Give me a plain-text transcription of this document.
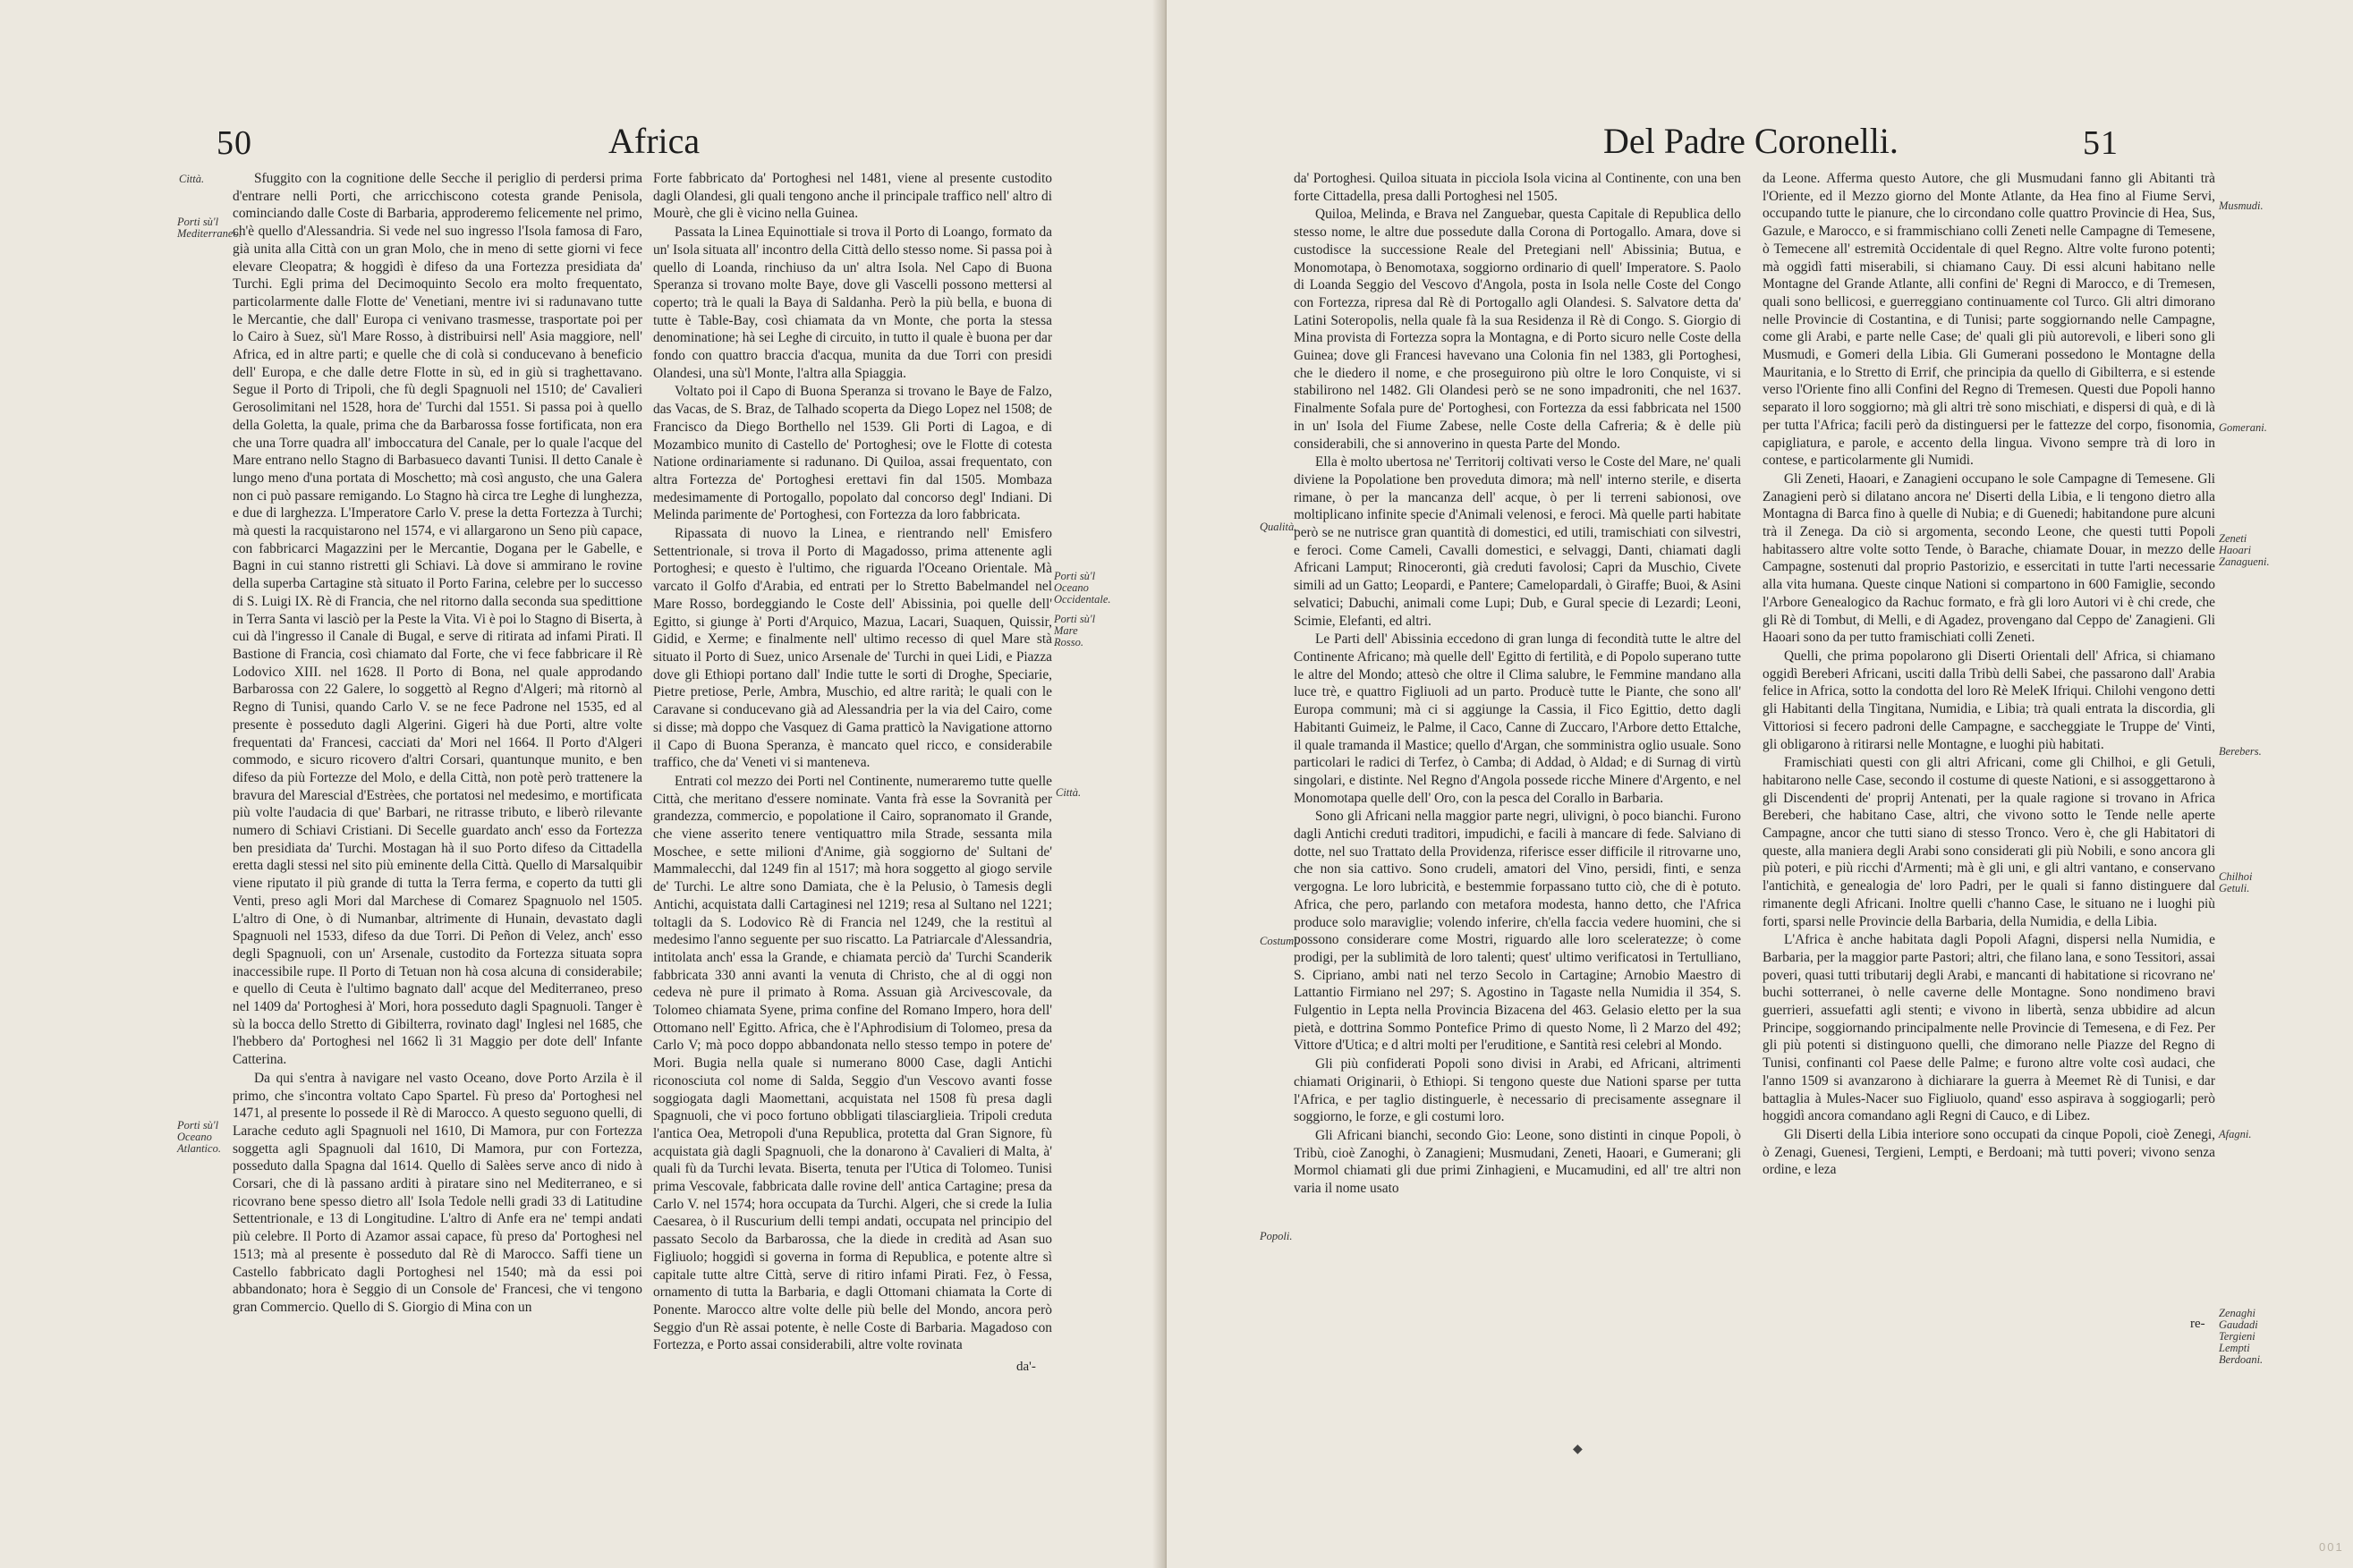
50	Africa
Città.
Porti sù'l Mediterraneo.
Porti sù'l Oceano Atlantico.
Porti sù'l Oceano Occidentale.
Porti sù'l Mare Rosso.
Città.

Sfuggito con la cognitione delle Secche il periglio di perdersi prima d'entrare nelli Porti, che arricchiscono cotesta grande Penisola, cominciando dalle Coste di Barbaria, approderemo felicemente nel primo, ch'è quello d'Alessandria. Si vede nel suo ingresso l'Isola famosa di Faro, già unita alla Città con un gran Molo, che in meno di sette giorni vi fece elevare Cleopatra; & hoggidì è difeso da una Fortezza presidiata da' Turchi. Egli prima del Decimoquinto Secolo era molto frequentato, particolarmente dalle Flotte de' Venetiani, mentre ivi si radunavano tutte le Mercantie, che dall' Europa ci venivano trasmesse, trasportate poi per lo Cairo à Suez, sù'l Mare Rosso, à distribuirsi nell' Asia maggiore, nell' Africa, ed in altre parti; e quelle che di colà si conducevano à beneficio dell' Europa, e che dalle detre Flotte in sù, ed in giù si traghettavano. Segue il Porto di Tripoli, che fù degli Spagnuoli nel 1510; de' Cavalieri Gerosolimitani nel 1528, hora de' Turchi dal 1551. Si passa poi à quello della Goletta, la quale, prima che da Barbarossa fosse fortificata, non era che una Torre quadra all' imboccatura del Canale, per lo quale l'acque del Mare entrano nello Stagno di Barbasueco davanti Tunisi. Il detto Canale è lungo meno d'una portata di Moschetto; mà così angusto, che una Galera non ci può passare remigando. Lo Stagno hà circa tre Leghe di lunghezza, e due di larghezza. L'Imperatore Carlo V. prese la detta Fortezza à Turchi; mà questi la racquistarono nel 1574, e vi allargarono un Seno più capace, con fabbricarci Magazzini per le Mercantie, Dogana per le Gabelle, e Bagni in cui stanno ristretti gli Schiavi. Là dove si ammirano le rovine della superba Cartagine stà situato il Porto Farina, celebre per lo successo di S. Luigi IX. Rè di Francia, che nel ritorno dalla seconda sua spedittione in Terra Santa vi lasciò per la Peste la Vita. Vi è poi lo Stagno di Biserta, à cui dà l'ingresso il Canale di Bugal, e serve di ritirata ad infami Pirati. Il Bastione di Francia, così chiamato dal Forte, che vi fece fabbricare il Rè Lodovico XIII. nel 1628. Il Porto di Bona, nel quale approdando Barbarossa con 22 Galere, lo soggettò al Regno d'Algeri; mà ritornò al Regno di Tunisi, quando Carlo V. se ne fece Padrone nel 1535, ed al presente è posseduto dagli Algerini. Gigeri hà due Porti, altre volte frequentati da' Francesi, cacciati da' Mori nel 1664. Il Porto d'Algeri commodo, e sicuro ricovero d'altri Corsari, quantunque munito, e ben difeso da più Fortezze del Molo, e della Città, non potè però trattenere la bravura del Marescial d'Estrèes, che portatosi nel medesimo, e mortificata più volte l'audacia di que' Barbari, ne ritrasse tributo, e liberò rilevante numero di Schiavi Cristiani. Di Secelle guardato anch' esso da Fortezza ben presidiata da' Turchi. Mostagan hà il suo Porto difeso da Cittadella eretta dagli stessi nel sito più eminente della Città. Quello di Marsalquibir viene riputato il più grande di tutta la Terra ferma, e coperto da tutti gli Venti, preso agli Mori dal Marchese di Comarez Spagnuolo nel 1505. L'altro di One, ò di Numanbar, altrimente di Hunain, devastato dagli Spagnuoli nel 1533, difeso da due Torri. Di Peñon di Velez, anch' esso degli Spagnuoli, con un' Arsenale, custodito da Fortezza situata sopra inaccessibile rupe. Il Porto di Tetuan non hà cosa alcuna di considerabile; e quello di Ceuta è l'ultimo bagnato dall' acque del Mediterraneo, preso nel 1409 da' Portoghesi à' Mori, hora posseduto dagli Spagnuoli. Tanger è sù la bocca dello Stretto di Gibilterra, rovinato dagl' Inglesi nel 1685, che l'hebbero da' Portoghesi nel 1662 lì 31 Maggio per dote dell' Infante Catterina.

Da qui s'entra à navigare nel vasto Oceano, dove Porto Arzila è il primo, che s'incontra voltato Capo Spartel. Fù preso da' Portoghesi nel 1471, al presente lo possede il Rè di Marocco. A questo seguono quelli, di Larache ceduto agli Spagnuoli nel 1610, Di Mamora, pur con Fortezza soggetta agli Spagnuoli dal 1610, Di Mamora, pur con Fortezza, posseduto dalla Spagna dal 1614. Quello di Salèes serve anco di nido à Corsari, che di là passano arditi à piratare sino nel Mediterraneo, e si ricovrano bene spesso dietro all' Isola Tedole nelli gradi 33 di Latitudine Settentrionale, e 13 di Longitudine. L'altro di Anfe era ne' tempi andati più celebre. Il Porto di Azamor assai capace, fù preso da' Portoghesi nel 1513; mà al presente è posseduto dal Rè di Marocco. Saffi tiene un Castello fabbricato dagli Portoghesi nel 1540; mà da essi poi abbandonato; hora è Seggio di un Console de' Francesi, che vi tengono gran Commercio. Quello di S. Giorgio di Mina con un

Forte fabbricato da' Portoghesi nel 1481, viene al presente custodito dagli Olandesi, gli quali tengono anche il principale traffico nell' altro di Mourè, che gli è vicino nella Guinea.

Passata la Linea Equinottiale si trova il Porto di Loango, formato da un' Isola situata all' incontro della Città dello stesso nome. Si passa poi à quello di Loanda, rinchiuso da un' altra Isola. Nel Capo di Buona Speranza si trovano molte Baye, dove gli Vascelli possono mettersi al coperto; trà le quali la Baya di Saldanha. Però la più bella, e buona di tutte è Table-Bay, così chiamata da vn Monte, che porta la stessa denominatione; hà sei Leghe di circuito, in tutto il quale è buona per dar fondo con quattro braccia d'acqua, munita da due Torri con presidi Olandesi, una sù'l Monte, l'altra alla Spiaggia.

Voltato poi il Capo di Buona Speranza si trovano le Baye de Falzo, das Vacas, de S. Braz, de Talhado scoperta da Diego Lopez nel 1508; de Francisco da Diego Borthello nel 1539. Gli Porti di Lagoa, e di Mozambico munito di Castello de' Portoghesi; ove le Flotte di cotesta Natione ordinariamente si radunano. Di Quiloa, assai frequentato, con altra Fortezza de' Portoghesi erettavi fin dal 1505. Mombaza medesimamente di Portogallo, popolato dal concorso degl' Indiani. Di Melinda parimente de' Portoghesi, con Fortezza da loro fabbricata.

Ripassata di nuovo la Linea, e rientrando nell' Emisfero Settentrionale, si trova il Porto di Magadosso, prima attenente agli Portoghesi; e questo è l'ultimo, che riguarda l'Oceano Orientale. Mà varcato il Golfo d'Arabia, ed entrati per lo Stretto Babelmandel nel Mare Rosso, bordeggiando le Coste dell' Abissinia, poi quelle dell' Egitto, si giunge à' Porti d'Arquico, Mazua, Lacari, Suaquen, Quissir, Gidid, e Xerme; e finalmente nell' ultimo recesso di quel Mare stà situato il Porto di Suez, unico Arsenale de' Turchi in quei Lidi, e Piazza dove gli Ethiopi portano dall' Indie tutte le sorti di Droghe, Speciarie, Pietre pretiose, Perle, Ambra, Muschio, ed altre rarità; le quali con le Caravane si conducevano già ad Alessandria per la via del Cairo, come si disse; mà doppo che Vasquez di Gama pratticò la Navigatione attorno il Capo di Buona Speranza, è mancato quel ricco, e considerabile traffico, che da' Veneti vi si manteneva.

Entrati col mezzo dei Porti nel Continente, numeraremo tutte quelle Città, che meritano d'essere nominate. Vanta frà esse la Sovranità per grandezza, commercio, e popolatione il Cairo, sopranomato il Grande, che viene asserito tenere ventiquattro mila Strade, sessanta mila Moschee, e sette milioni d'Anime, già soggiorno de' Sultani de' Mammalecchi, dal 1249 fin al 1517; mà hora soggetto al giogo servile de' Turchi. Le altre sono Damiata, che è la Pelusio, ò Tamesis degli Antichi, acquistata dalli Cartaginesi nel 1219; resa al Sultano nel 1221; toltagli da S. Lodovico Rè di Francia nel 1249, che la restituì al medesimo l'anno seguente per suo riscatto. La Patriarcale d'Alessandria, intitolata anch' essa la Grande, e chiamata perciò da' Turchi Scanderik fabbricata 330 anni avanti la venuta di Christo, che al di oggi non cedeva nè pure il primato à Roma. Assuan già Arcivescovale, da Tolomeo chiamata Syene, prima confine del Romano Impero, hora dell' Ottomano nell' Egitto. Africa, che è l'Aphrodisium di Tolomeo, presa da Carlo V; mà poco doppo abbandonata nello stesso tempo in potere de' Mori. Bugia nella quale si numerano 8000 Case, dagli Antichi riconosciuta col nome di Salda, Seggio d'un Vescovo avanti fosse soggiogata dagli Maomettani, acquistata nel 1508 fù presa dagli Spagnuoli, che vi poco fortuno obbligati tilasciarglieia. Tripoli creduta l'antica Oea, Metropoli d'una Republica, protetta dal Gran Signore, fù acquistata già dagli Spagnuoli, che la donarono à' Cavalieri di Malta, à' quali fù da Turchi levata. Biserta, tenuta per l'Utica di Tolomeo. Tunisi prima Vescovale, fabbricata dalle rovine dell' antica Cartagine; presa da Carlo V. nel 1574; hora occupata da Turchi. Algeri, che si crede la Iulia Caesarea, ò il Ruscurium delli tempi andati, occupata nel principio del passato Secolo da Barbarossa, che la diede in credità ad Asan suo Figliuolo; hoggidì si governa in forma di Republica, e potente altre sì capitale tutte altre Città, serve di ritiro infami Pirati. Fez, ò Fessa, ornamento di tutta la Barbaria, e dagli Ottomani chiamata la Corte di Ponente. Marocco altre volte delle più belle del Mondo, ancora però Seggio d'un Rè assai potente, è nelle Coste di Barbaria. Magadoso con Fortezza, e Porto assai considerabili, altre volte rovinata

da'-
Del Padre Coronelli.	51
Qualità.
Costumi.
Popoli.
Musmudi.
Gomerani.
Zeneti Haoari Zanagueni.
Berebers.
Chilhoi Getuli.
Afagni.
Zenaghi Gaudadi Tergieni Lempti Berdoani.

da' Portoghesi. Quiloa situata in picciola Isola vicina al Continente, con una ben forte Cittadella, presa dalli Portoghesi nel 1505.

Quiloa, Melinda, e Brava nel Zanguebar, questa Capitale di Republica dello stesso nome, le altre due possedute dalla Corona di Portogallo. Amara, dove si custodisce la successione Reale del Pretegiani nell' Abissinia; Butua, e Monomotapa, ò Benomotaxa, soggiorno ordinario di quell' Imperatore. S. Paolo di Loanda Seggio del Vescovo d'Angola, posta in Isola nelle Coste del Congo con Fortezza, ripresa dal Rè di Portogallo agli Olandesi. S. Salvatore detta da' Latini Soteropolis, nella quale fà la sua Residenza il Rè di Congo. S. Giorgio di Mina provista di Fortezza sopra la Montagna, e di Porto sicuro nelle Coste della Guinea; dove gli Francesi havevano una Colonia fin nel 1383, gli Portoghesi, che le diedero il nome, e che proseguirono più oltre le loro Conquiste, vi si stabilirono nel 1482. Gli Olandesi però se ne sono impadroniti, che nel 1637. Finalmente Sofala pure de' Portoghesi, con Fortezza da essi fabbricata nel 1500 in un' Isola del Fiume Zabese, nelle Coste della Cafreria; & è delle più considerabili, che si annoverino in questa Parte del Mondo.

Ella è molto ubertosa ne' Territorij coltivati verso le Coste del Mare, ne' quali diviene la Popolatione ben proveduta dimora; mà nell' interno sterile, e diserta rimane, ò per la mancanza dell' acque, ò per li terreni sabionosi, ove moltiplicano infinite specie d'Animali velenosi, e feroci. Mà quelle parti habitate però se ne nutrisce gran quantità di domestici, ed utili, tramischiati con silvestri, e feroci. Come Cameli, Cavalli domestici, e selvaggi, Danti, chiamati dagli Africani Lamput; Rinoceronti, già creduti favolosi; Capri da Muschio, Civete simili ad un Gatto; Leopardi, e Pantere; Camelopardali, ò Giraffe; Buoi, & Asini selvatici; Dabuchi, animali come Lupi; Dub, e Gural specie di Lezardi; Leoni, Scimie, Elefanti, ed altri.

Le Parti dell' Abissinia eccedono di gran lunga di fecondità tutte le altre del Continente Africano; mà quelle dell' Egitto di fertilità, e di Popolo superano tutte le altre del Mondo; attesò che oltre il Clima salubre, le Femmine mandano alla luce trè, e quattro Figliuoli ad un parto. Producè tutte le Piante, che sono all' Europa communi; mà ci si aggiunge la Cassia, il Fico Egittio, detto dagli Habitanti Guimeiz, le Palme, il Caco, Canne di Zuccaro, l'Arbore detto Ettalche, il quale tramanda il Mastice; quello d'Argan, che somministra oglio usuale. Sono particolari le radici di Terfez, ò Camba; di Addad, ò Aldad; e di Surnag di virtù singolari, e distinte. Nel Regno d'Angola possede ricche Minere d'Argento, e nel Monomotapa quelle dell' Oro, con la pesca del Corallo in Barbaria.

Sono gli Africani nella maggior parte negri, ulivigni, ò poco bianchi. Furono dagli Antichi creduti traditori, impudichi, e facili à mancare di fede. Salviano di dotte, nel suo Trattato della Providenza, riferisce esser difficile il ritrovarne uno, che non sia cattivo. Sono crudeli, amatori del Vino, persidi, finti, e senza vergogna. Le loro lubricità, e bestemmie forpassano tutto ciò, che di è potuto. Africa, che pero, parlando con metafora modesta, hanno detto, che l'Africa produce solo maraviglie; volendo inferire, ch'ella faccia vedere huomini, che si possono considerare come Mostri, riguardo alle loro sceleratezze; ò come prodigi, per la sublimità de loro talenti; quest' ultimo verificatosi in Tertulliano, S. Cipriano, ambi nati nel terzo Secolo in Cartagine; Arnobio Maestro di Lattantio Firmiano nel 297; S. Agostino in Tagaste nella Numidia il 354, S. Fulgentio in Lepta nella Provincia Bizacena del 463. Gelasio eletto per la sua pietà, e dottrina Sommo Pontefice Primo di questo Nome, lì 2 Marzo del 492; Vittore d'Utica; e d altri molti per l'eruditione, e Santità resi celebri al Mondo.

Gli più confiderati Popoli sono divisi in Arabi, ed Africani, altrimenti chiamati Originarii, ò Ethiopi. Si tengono queste due Nationi sparse per tutta l'Africa, e per taglio distinguerle, è necessario di precisamente assegnare il soggiorno, le forze, e gli costumi loro.

Gli Africani bianchi, secondo Gio: Leone, sono distinti in cinque Popoli, ò Tribù, cioè Zanoghi, ò Zanagieni; Musmudani, Zeneti, Haoari, e Gumerani; gli Mormol chiamati gli due primi Zinhagieni, e Mucamudini, ed all' tre altri non varia il nome usato

da Leone. Afferma questo Autore, che gli Musmudani fanno gli Abitanti trà l'Oriente, ed il Mezzo giorno del Monte Atlante, da Hea fino al Fiume Servi, occupando tutte le pianure, che lo circondano colle quattro Provincie di Hea, Sus, Gazule, e Marocco, e si frammischiano colli Zeneti nelle Campagne di Temesene, ò Temecene all' estremità Occidentale di quel Regno. Altre volte furono potenti; mà oggidì fatti miserabili, si chiamano Cauy. Di essi alcuni habitano nelle Montagne del Grande Atlante, alli confini de' Regni di Marocco, e di Tremesen, quali sono bellicosi, e guerreggiano continuamente col Turco. Gli altri dimorano nelle Provincie di Costantina, e di Tunisi; parte soggiornando nelle Campagne, come gli Arabi, e parte nelle Case; de' quali gli più autorevoli, e liberi sono gli Musmudi, e Gomeri della Libia. Gli Gumerani possedono le Montagne della Mauritania, e lo Stretto di Errif, che principia da quello di Gibilterra, e si estende verso l'Oriente fino alli Confini del Regno di Tremesen. Questi due Popoli hanno separato il loro soggiorno; mà gli altri trè sono mischiati, e dispersi di quà, e di là per tutta l'Africa; facili però da distinguersi per le fattezze del corpo, fisonomia, capigliatura, e parole, e accento della lingua. Vivono sempre trà di loro in contese, e particolarmente gli Numidi.

Gli Zeneti, Haoari, e Zanagieni occupano le sole Campagne di Temesene. Gli Zanagieni però si dilatano ancora ne' Diserti della Libia, e li tengono dietro alla Montagna di Barca fino à quelle di Nubia; e di Guenedi; habitandone pure alcuni trà il Zenega. Da ciò si argomenta, secondo Leone, che questi tutti Popoli habitassero altre volte sotto Tende, ò Barache, chiamate Douar, in mezzo delle Campagne, sostenuti dal proprio Pastorizio, e essercitati in tutte l'arti necessarie alla vita humana. Queste cinque Nationi si compartono in 600 Famiglie, secondo l'Arbore Genealogico da Rachuc formato, e frà gli loro Autori vi è chi crede, che gli Rè di Tombut, di Melli, e di Agadez, provengano dal Ceppo de' Zanagieni. Gli Haoari sono da per tutto framischiati colli Zeneti.

Quelli, che prima popolarono gli Diserti Orientali dell' Africa, si chiamano oggidì Bereberi Africani, usciti dalla Tribù delli Sabei, che passarono dall' Arabia felice in Africa, sotto la condotta del loro Rè MeleK Ifriqui. Chilohi vengono detti gli Habitanti della Tingitana, Numidia, e Libia; trà quali entrata la discordia, gli Vittoriosi si fecero padroni delle Campagne, e saccheggiate le Truppe de' Vinti, gli obligarono à ritirarsi nelle Montagne, e luoghi più habitati.

Framischiati questi con gli altri Africani, come gli Chilhoi, e gli Getuli, habitarono nelle Case, secondo il costume di queste Nationi, e si assoggettarono à gli Discendenti de' proprij Antenati, per la quale ragione si trovano in Africa Bereberi, che habitano Case, altri, che vivono sotto le Tende nelle aperte Campagne, ancor che tutti siano di stesso Tronco. Vero è, che gli Habitatori di queste, alla maniera degli Arabi sono considerati gli più Nobili, e sono ancora gli più poteri, e più ricchi d'Armenti; mà è gli uni, e gli altri vantano, e conservano l'antichità, e genealogia de' loro Padri, per le quali si fanno distinguere dal rimanente degli Africani. Inoltre quelli c'hanno Case, le situano ne i luoghi più forti, sparsi nelle Provincie della Barbaria, della Numidia, e della Libia.

L'Africa è anche habitata dagli Popoli Afagni, dispersi nella Numidia, e Barbaria, per la maggior parte Pastori; altri, che filano lana, e sono Tessitori, assai poveri, quasi tutti tributarij degli Arabi, e mancanti di habitatione si ricovrano ne' buchi sotterranei, ò nelle caverne delle Montagne. Sono nondimeno bravi guerrieri, assuefatti agli stenti; e vivono in libertà, senza ubbidire ad alcun Principe, soggiornando principalmente nelle Provincie di Temesena, e di Fez. Per gli più potenti si distinguono quelli, che dimorano nelle Piazze del Regno di Tunisi, confinanti col Paese delle Palme; e furono altre volte così audaci, che l'anno 1509 si avanzarono à dichiarare la guerra à Meemet Rè di Tunisi, e dar battaglia à Mules-Nacer suo Figliuolo, quand' esso aspirava à soggiogarli; però hoggidì ancora comandano agli Regni di Cauco, e di Libez.

Gli Diserti della Libia interiore sono occupati da cinque Popoli, cioè Zenegi, ò Zenagi, Guenesi, Tergieni, Lempti, e Berdoani; mà tutti poveri; vivono senza ordine, e leza

re-
◆
001
